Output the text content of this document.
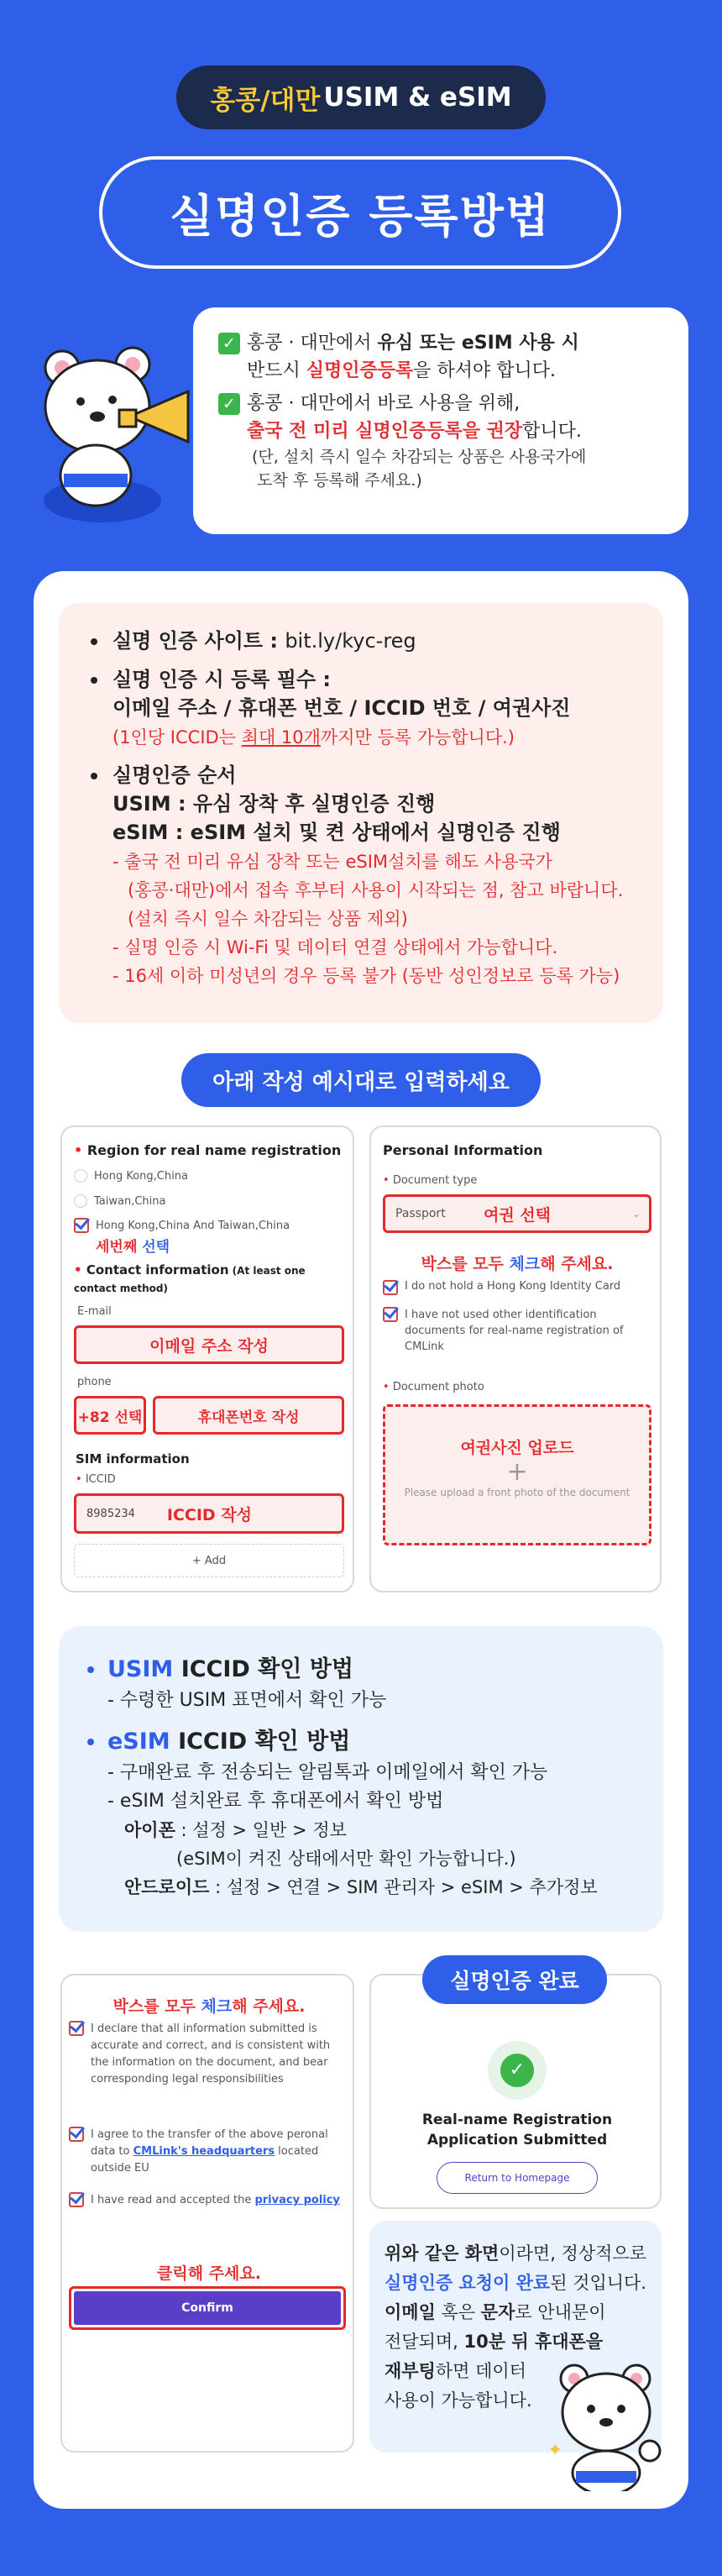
홍콩/대만 USIM & eSIM
실명인증 등록방법
✓ 홍콩 · 대만에서 유심 또는 eSIM 사용 시
반드시 실명인증등록을 하셔야 합니다.
✓ 홍콩 · 대만에서 바로 사용을 위해,
출국 전 미리 실명인증등록을 권장합니다.
(단, 설치 즉시 일수 차감되는 상품은 사용국가에
도착 후 등록해 주세요.)
실명 인증 사이트 : bit.ly/kyc-reg
실명 인증 시 등록 필수 :
이메일 주소 / 휴대폰 번호 / ICCID 번호 / 여권사진
(1인당 ICCID는 최대 10개까지만 등록 가능합니다.)
실명인증 순서
USIM : 유심 장착 후 실명인증 진행
eSIM : eSIM 설치 및 켠 상태에서 실명인증 진행
- 출국 전 미리 유심 장착 또는 eSIM설치를 해도 사용국가
(홍콩·대만)에서 접속 후부터 사용이 시작되는 점, 참고 바랍니다.
(설치 즉시 일수 차감되는 상품 제외)
- 실명 인증 시 Wi-Fi 및 데이터 연결 상태에서 가능합니다.
- 16세 이하 미성년의 경우 등록 불가 (동반 성인정보로 등록 가능)
아래 작성 예시대로 입력하세요
• Region for real name registration
Hong Kong,China
Taiwan,China
Hong Kong,China And Taiwan,China
세번째 선택
• Contact information (At least one contact method)
E-mail
이메일 주소 작성
phone
+82 선택	휴대폰번호 작성
SIM information
• ICCID
8985234 ICCID 작성
+ Add
Personal Information
• Document type
Passport 여권 선택	⌄
박스를 모두 체크해 주세요.
I do not hold a Hong Kong Identity Card
I have not used other identification documents for real-name registration of CMLink
• Document photo
여권사진 업로드
+
Please upload a front photo of the document
USIM ICCID 확인 방법
- 수령한 USIM 표면에서 확인 가능
eSIM ICCID 확인 방법
- 구매완료 후 전송되는 알림톡과 이메일에서 확인 가능
- eSIM 설치완료 후 휴대폰에서 확인 방법
아이폰 : 설정 > 일반 > 정보
(eSIM이 켜진 상태에서만 확인 가능합니다.)
안드로이드 : 설정 > 연결 > SIM 관리자 > eSIM > 추가정보
박스를 모두 체크해 주세요.
I declare that all information submitted is accurate and correct, and is consistent with the information on the document, and bear corresponding legal responsibilities
I agree to the transfer of the above peronal data to CMLink's headquarters located outside EU
I have read and accepted the privacy policy
클릭해 주세요.
Confirm
✓
Real-name Registration
Application Submitted
Return to Homepage
실명인증 완료
위와 같은 화면이라면, 정상적으로
실명인증 요청이 완료된 것입니다.
이메일 혹은 문자로 안내문이
전달되며, 10분 뒤 휴대폰을
재부팅하면 데이터
사용이 가능합니다.
✦
